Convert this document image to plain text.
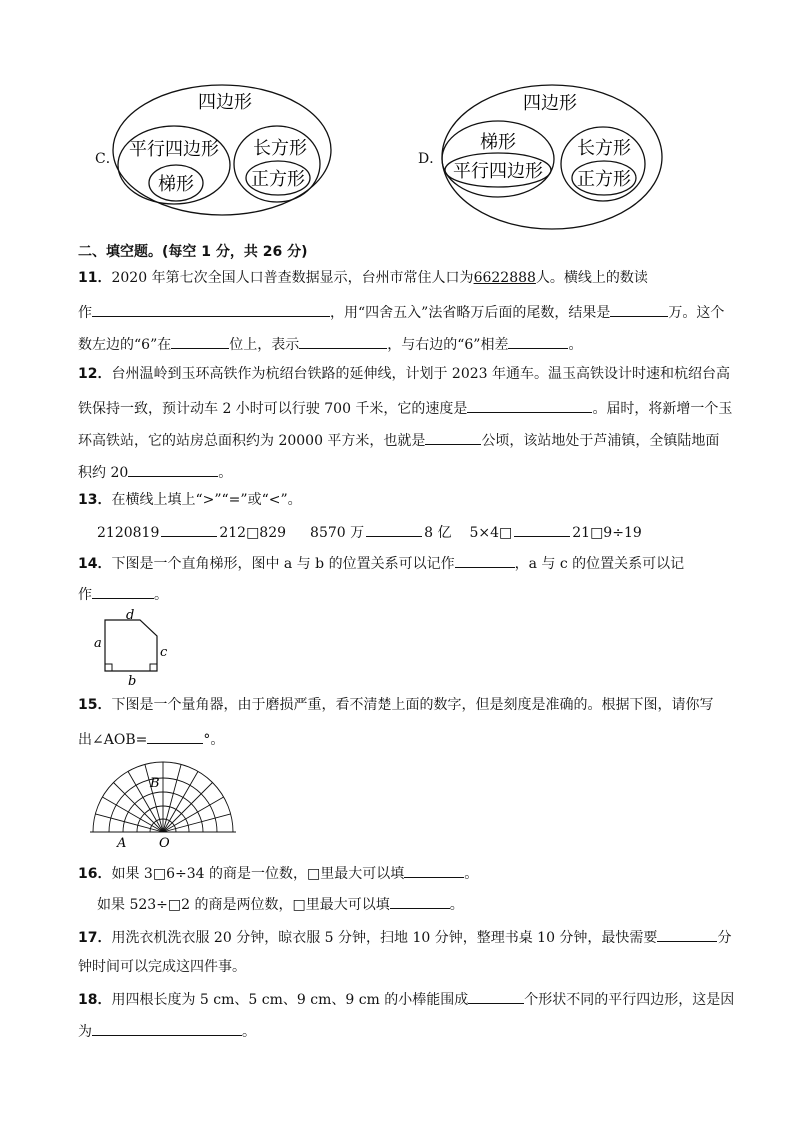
C．
四边形
平行四边形
梯形
长方形
正方形
D．
四边形
梯形
平行四边形
长方形
正方形
二、填空题。(每空 1 分，共 26 分)
11．2020 年第七次全国人口普查数据显示，台州市常住人口为6622888人。横线上的数读
作	，用“四舍五入”法省略万后面的尾数，结果是	万。这个
数左边的“6”在	位上，表示	，与右边的“6”相差	。
12．台州温岭到玉环高铁作为杭绍台铁路的延伸线，计划于 2023 年通车。温玉高铁设计时速和杭绍台高
铁保持一致，预计动车 2 小时可以行驶 700 千米，它的速度是	。届时，将新增一个玉
环高铁站，它的站房总面积约为 20000 平方米，也就是	公顷，该站地处于芦浦镇，全镇陆地面
积约 20	。
13．在横线上填上“>”“=”或“<”。
2120819	212□829 8570 万	8 亿 5×4□	21□9÷19
14．下图是一个直角梯形，图中 a 与 b 的位置关系可以记作	，a 与 c 的位置关系可以记
作	。
d
a
c
b
15．下图是一个量角器，由于磨损严重，看不清楚上面的数字，但是刻度是准确的。根据下图，请你写
出∠AOB=	°。
A
B
O
16．如果 3□6÷34 的商是一位数，□里最大可以填	。
如果 523÷□2 的商是两位数，□里最大可以填	。
17．用洗衣机洗衣服 20 分钟，晾衣服 5 分钟，扫地 10 分钟，整理书桌 10 分钟，最快需要	分
钟时间可以完成这四件事。
18．用四根长度为 5 cm、5 cm、9 cm、9 cm 的小棒能围成	个形状不同的平行四边形，这是因
为	。
